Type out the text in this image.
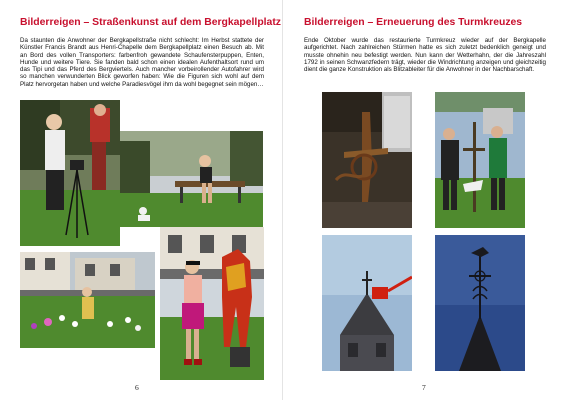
Bilderreigen – Straßenkunst auf dem Bergkapellplatz

Da staunten die Anwohner der Bergkapellstraße nicht schlecht: Im Herbst stattete der Künstler Francis Brandt aus Henri-Chapelle dem Bergkapellplatz einen Besuch ab. Mit an Bord des vollen Transporters: farbenfroh gewandete Schaufensterpuppen, Enten, Hunde und weitere Tiere. Sie fanden bald schon einen idealen Aufenthaltsort rund um das Tipi und das Pferd des Bergviertels. Auch mancher vorbeirollender Autofahrer wird so manchen verwunderten Blick geworfen haben: Wie die Figuren sich wohl auf dem Platz hervorgetan haben und welche Paradiesvögel ihm da wohl begegnet sein mögen…

6
Bilderreigen – Erneuerung des Turmkreuzes

Ende Oktober wurde das restaurierte Turmkreuz wieder auf der Bergkapelle aufgerichtet. Nach zahlreichen Stürmen hatte es sich zuletzt bedenklich geneigt und musste ohnehin neu befestigt werden. Nun kann der Wetterhahn, der die Jahreszahl 1792 in seinen Schwanzfedern trägt, wieder die Windrichtung anzeigen und gleichzeitig dient die ganze Konstruktion als Blitzableiter für die Anwohner in der Nachbarschaft.

7
